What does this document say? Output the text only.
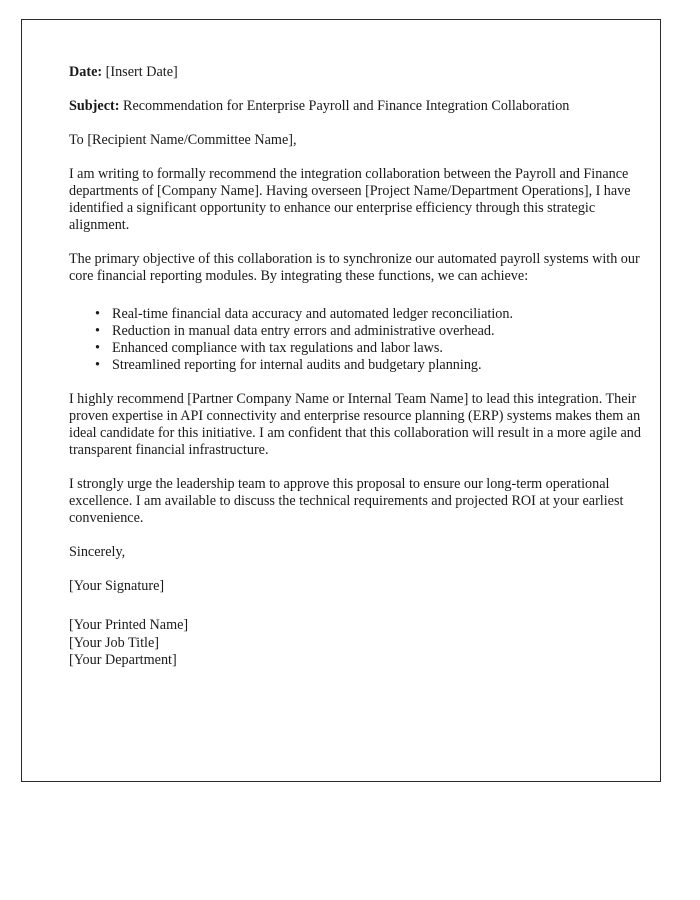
Date: [Insert Date]

Subject: Recommendation for Enterprise Payroll and Finance Integration Collaboration

To [Recipient Name/Committee Name],

I am writing to formally recommend the integration collaboration between the Payroll and Finance departments of [Company Name]. Having overseen [Project Name/Department Operations], I have identified a significant opportunity to enhance our enterprise efficiency through this strategic alignment.

The primary objective of this collaboration is to synchronize our automated payroll systems with our core financial reporting modules. By integrating these functions, we can achieve:

• Real-time financial data accuracy and automated ledger reconciliation.
• Reduction in manual data entry errors and administrative overhead.
• Enhanced compliance with tax regulations and labor laws.
• Streamlined reporting for internal audits and budgetary planning.

I highly recommend [Partner Company Name or Internal Team Name] to lead this integration. Their proven expertise in API connectivity and enterprise resource planning (ERP) systems makes them an ideal candidate for this initiative. I am confident that this collaboration will result in a more agile and transparent financial infrastructure.

I strongly urge the leadership team to approve this proposal to ensure our long-term operational excellence. I am available to discuss the technical requirements and projected ROI at your earliest convenience.

Sincerely,

[Your Signature]

[Your Printed Name]

[Your Job Title]

[Your Department]
